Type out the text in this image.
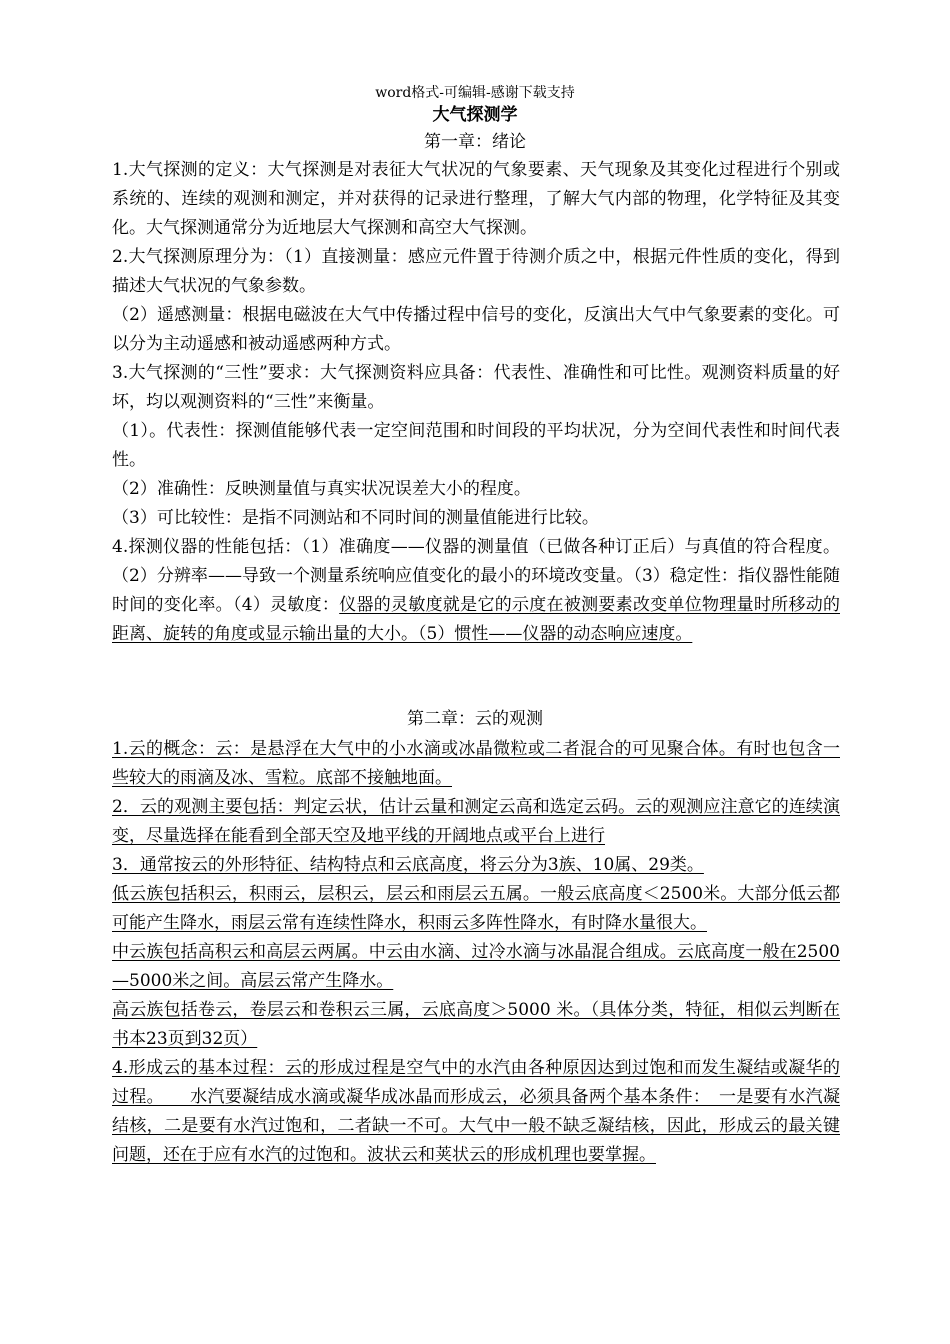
word格式-可编辑-感谢下载支持
大气探测学
第一章：绪论

1.大气探测的定义：大气探测是对表征大气状况的气象要素、天气现象及其变化过程进行个别或系统的、连续的观测和测定，并对获得的记录进行整理，了解大气内部的物理，化学特征及其变化。大气探测通常分为近地层大气探测和高空大气探测。

2.大气探测原理分为：（1）直接测量：感应元件置于待测介质之中，根据元件性质的变化，得到描述大气状况的气象参数。

（2）遥感测量：根据电磁波在大气中传播过程中信号的变化，反演出大气中气象要素的变化。可以分为主动遥感和被动遥感两种方式。

3.大气探测的“三性”要求：大气探测资料应具备：代表性、准确性和可比性。观测资料质量的好坏，均以观测资料的“三性”来衡量。

（1）。代表性：探测值能够代表一定空间范围和时间段的平均状况，分为空间代表性和时间代表性。

（2）准确性：反映测量值与真实状况误差大小的程度。

（3）可比较性：是指不同测站和不同时间的测量值能进行比较。

4.探测仪器的性能包括：（1）准确度——仪器的测量值（已做各种订正后）与真值的符合程度。（2）分辨率——导致一个测量系统响应值变化的最小的环境改变量。（3）稳定性：指仪器性能随时间的变化率。（4）灵敏度：仪器的灵敏度就是它的示度在被测要素改变单位物理量时所移动的距离、旋转的角度或显示输出量的大小。（5）惯性——仪器的动态响应速度。

第二章：云的观测

1.云的概念：云：是悬浮在大气中的小水滴或冰晶微粒或二者混合的可见聚合体。有时也包含一些较大的雨滴及冰、雪粒。底部不接触地面。

2．云的观测主要包括：判定云状，估计云量和测定云高和选定云码。云的观测应注意它的连续演变，尽量选择在能看到全部天空及地平线的开阔地点或平台上进行

3．通常按云的外形特征、结构特点和云底高度，将云分为3族、10属、29类。

低云族包括积云，积雨云，层积云，层云和雨层云五属。一般云底高度＜2500米。大部分低云都可能产生降水，雨层云常有连续性降水，积雨云多阵性降水，有时降水量很大。

中云族包括高积云和高层云两属。中云由水滴、过冷水滴与冰晶混合组成。云底高度一般在2500—5000米之间。高层云常产生降水。

高云族包括卷云，卷层云和卷积云三属，云底高度＞5000 米。（具体分类，特征，相似云判断在书本23页到32页）

4.形成云的基本过程：云的形成过程是空气中的水汽由各种原因达到过饱和而发生凝结或凝华的过程。　　水汽要凝结成水滴或凝华成冰晶而形成云，必须具备两个基本条件：　一是要有水汽凝结核，二是要有水汽过饱和，二者缺一不可。大气中一般不缺乏凝结核，因此，形成云的最关键问题，还在于应有水汽的过饱和。波状云和荚状云的形成机理也要掌握。
